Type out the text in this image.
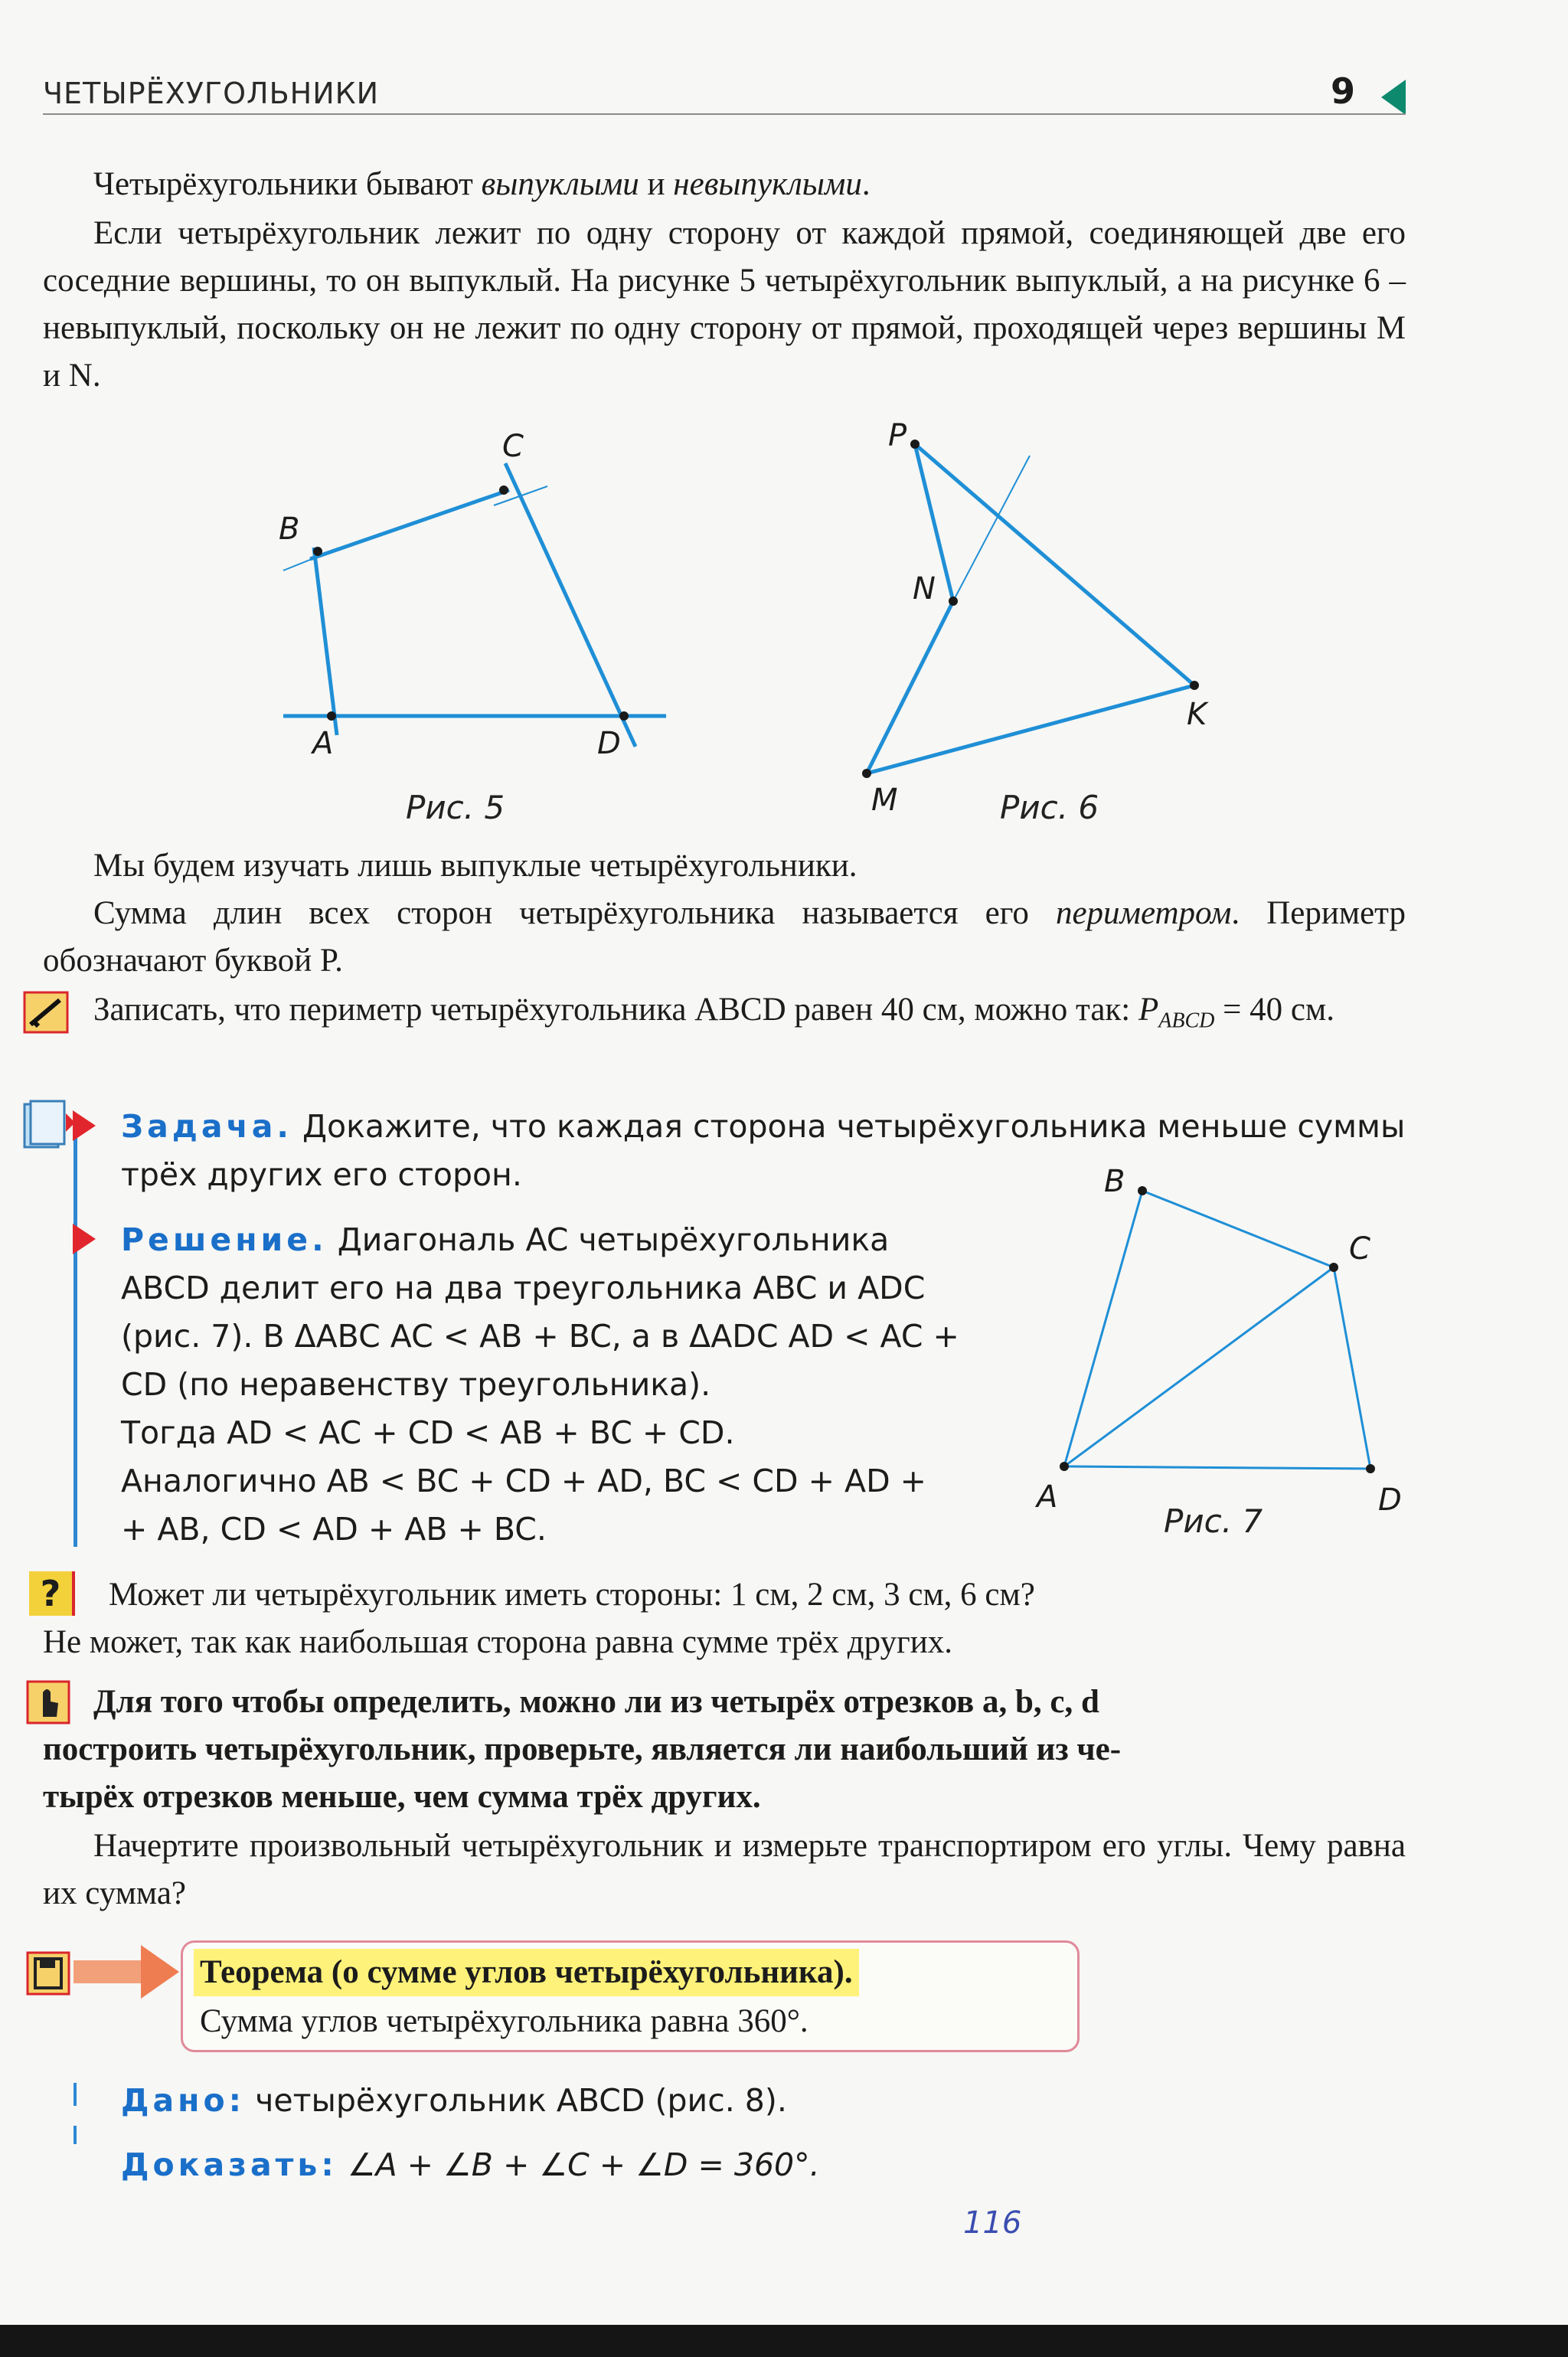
ЧЕТЫРЁХУГОЛЬНИКИ	9

Четырёхугольники бывают выпуклыми и невыпуклыми.

Если четырёхугольник лежит по одну сторону от каждой прямой, соединяющей две его соседние вершины, то он выпуклый. На рисунке 5 четырёхугольник выпуклый, а на рисунке 6 – невыпуклый, поскольку он не лежит по одну сторону от прямой, проходящей через вершины M и N.
A
B
C
D
Рис. 5
P
N
K
M	Рис. 6
Мы будем изучать лишь выпуклые четырёхугольники.
Сумма длин всех сторон четырёхугольника называется его периметром. Периметр обозначают буквой P.
Записать, что периметр четырёхугольника ABCD равен 40 см, можно так: $P_{ABCD} = 40$ см.
Задача. Докажите, что каждая сторона четырёхугольника меньше суммы трёх других его сторон.
Решение. Диагональ AC четырёхугольника
ABCD делит его на два треугольника ABC и ADC
(рис. 7). В ΔABC AC < AB + BC, а в ΔADC AD < AC +
CD (по неравенству треугольника).
Тогда AD < AC + CD < AB + BC + CD.
Аналогично AB < BC + CD + AD, BC < CD + AD +
+ AB, CD < AD + AB + BC.
B
C
A	D
Рис. 7
?	Может ли четырёхугольник иметь стороны: 1 см, 2 см, 3 см, 6 см?
Не может, так как наибольшая сторона равна сумме трёх других.
Для того чтобы определить, можно ли из четырёх отрезков a, b, c, d
построить четырёхугольник, проверьте, является ли наибольший из че-
тырёх отрезков меньше, чем сумма трёх других.
Начертите произвольный четырёхугольник и измерьте транспортиром его углы. Чему равна их сумма?
Теорема (о сумме углов четырёхугольника).
Сумма углов четырёхугольника равна 360°.
Дано: четырёхугольник ABCD (рис. 8).
Доказать: ∠A + ∠B + ∠C + ∠D = 360°.
116
